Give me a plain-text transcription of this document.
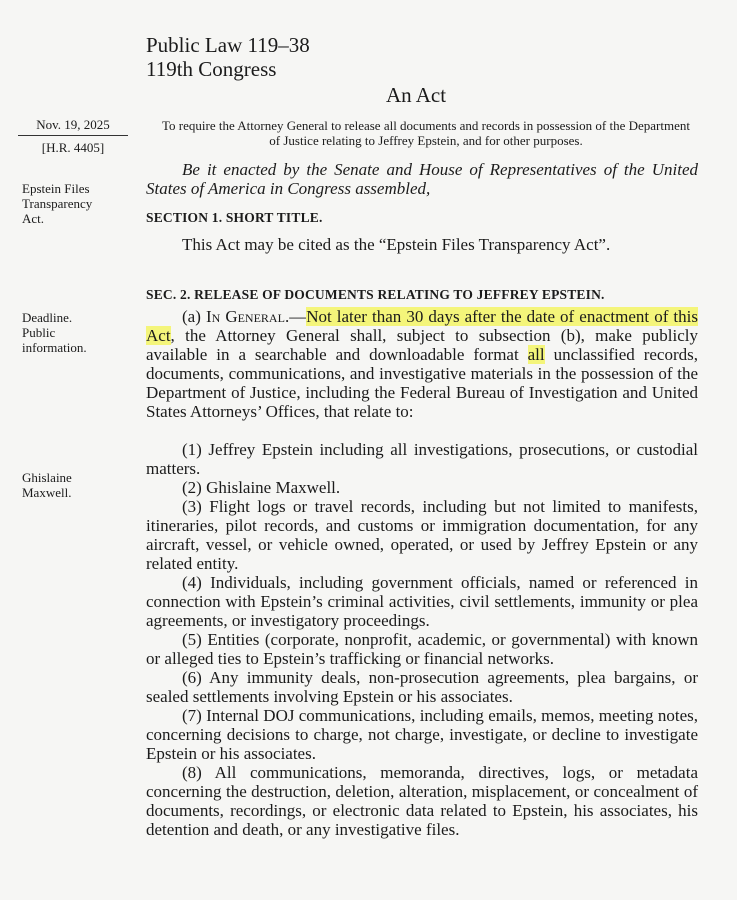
Public Law 119–38
119th Congress
An Act
Nov. 19, 2025
[H.R. 4405]
To require the Attorney General to release all documents and records in possession of the Department of Justice relating to Jeffrey Epstein, and for other purposes.
Epstein Files
Transparency
Act.
Deadline.
Public
information.
Ghislaine
Maxwell.
Be it enacted by the Senate and House of Representatives of the United States of America in Congress assembled,
SECTION 1. SHORT TITLE.
This Act may be cited as the “Epstein Files Transparency Act”.
SEC. 2. RELEASE OF DOCUMENTS RELATING TO JEFFREY EPSTEIN.
(a) In General.—Not later than 30 days after the date of enactment of this Act, the Attorney General shall, subject to subsection (b), make publicly available in a searchable and downloadable format all unclassified records, documents, communications, and investigative materials in the possession of the Department of Justice, including the Federal Bureau of Investigation and United States Attorneys’ Offices, that relate to:
(1) Jeffrey Epstein including all investigations, prosecutions, or custodial matters.
(2) Ghislaine Maxwell.
(3) Flight logs or travel records, including but not limited to manifests, itineraries, pilot records, and customs or immigration documentation, for any aircraft, vessel, or vehicle owned, operated, or used by Jeffrey Epstein or any related entity.
(4) Individuals, including government officials, named or referenced in connection with Epstein’s criminal activities, civil settlements, immunity or plea agreements, or investigatory proceedings.
(5) Entities (corporate, nonprofit, academic, or governmental) with known or alleged ties to Epstein’s trafficking or financial networks.
(6) Any immunity deals, non-prosecution agreements, plea bargains, or sealed settlements involving Epstein or his associates.
(7) Internal DOJ communications, including emails, memos, meeting notes, concerning decisions to charge, not charge, investigate, or decline to investigate Epstein or his associates.
(8) All communications, memoranda, directives, logs, or metadata concerning the destruction, deletion, alteration, misplacement, or concealment of documents, recordings, or electronic data related to Epstein, his associates, his detention and death, or any investigative files.
